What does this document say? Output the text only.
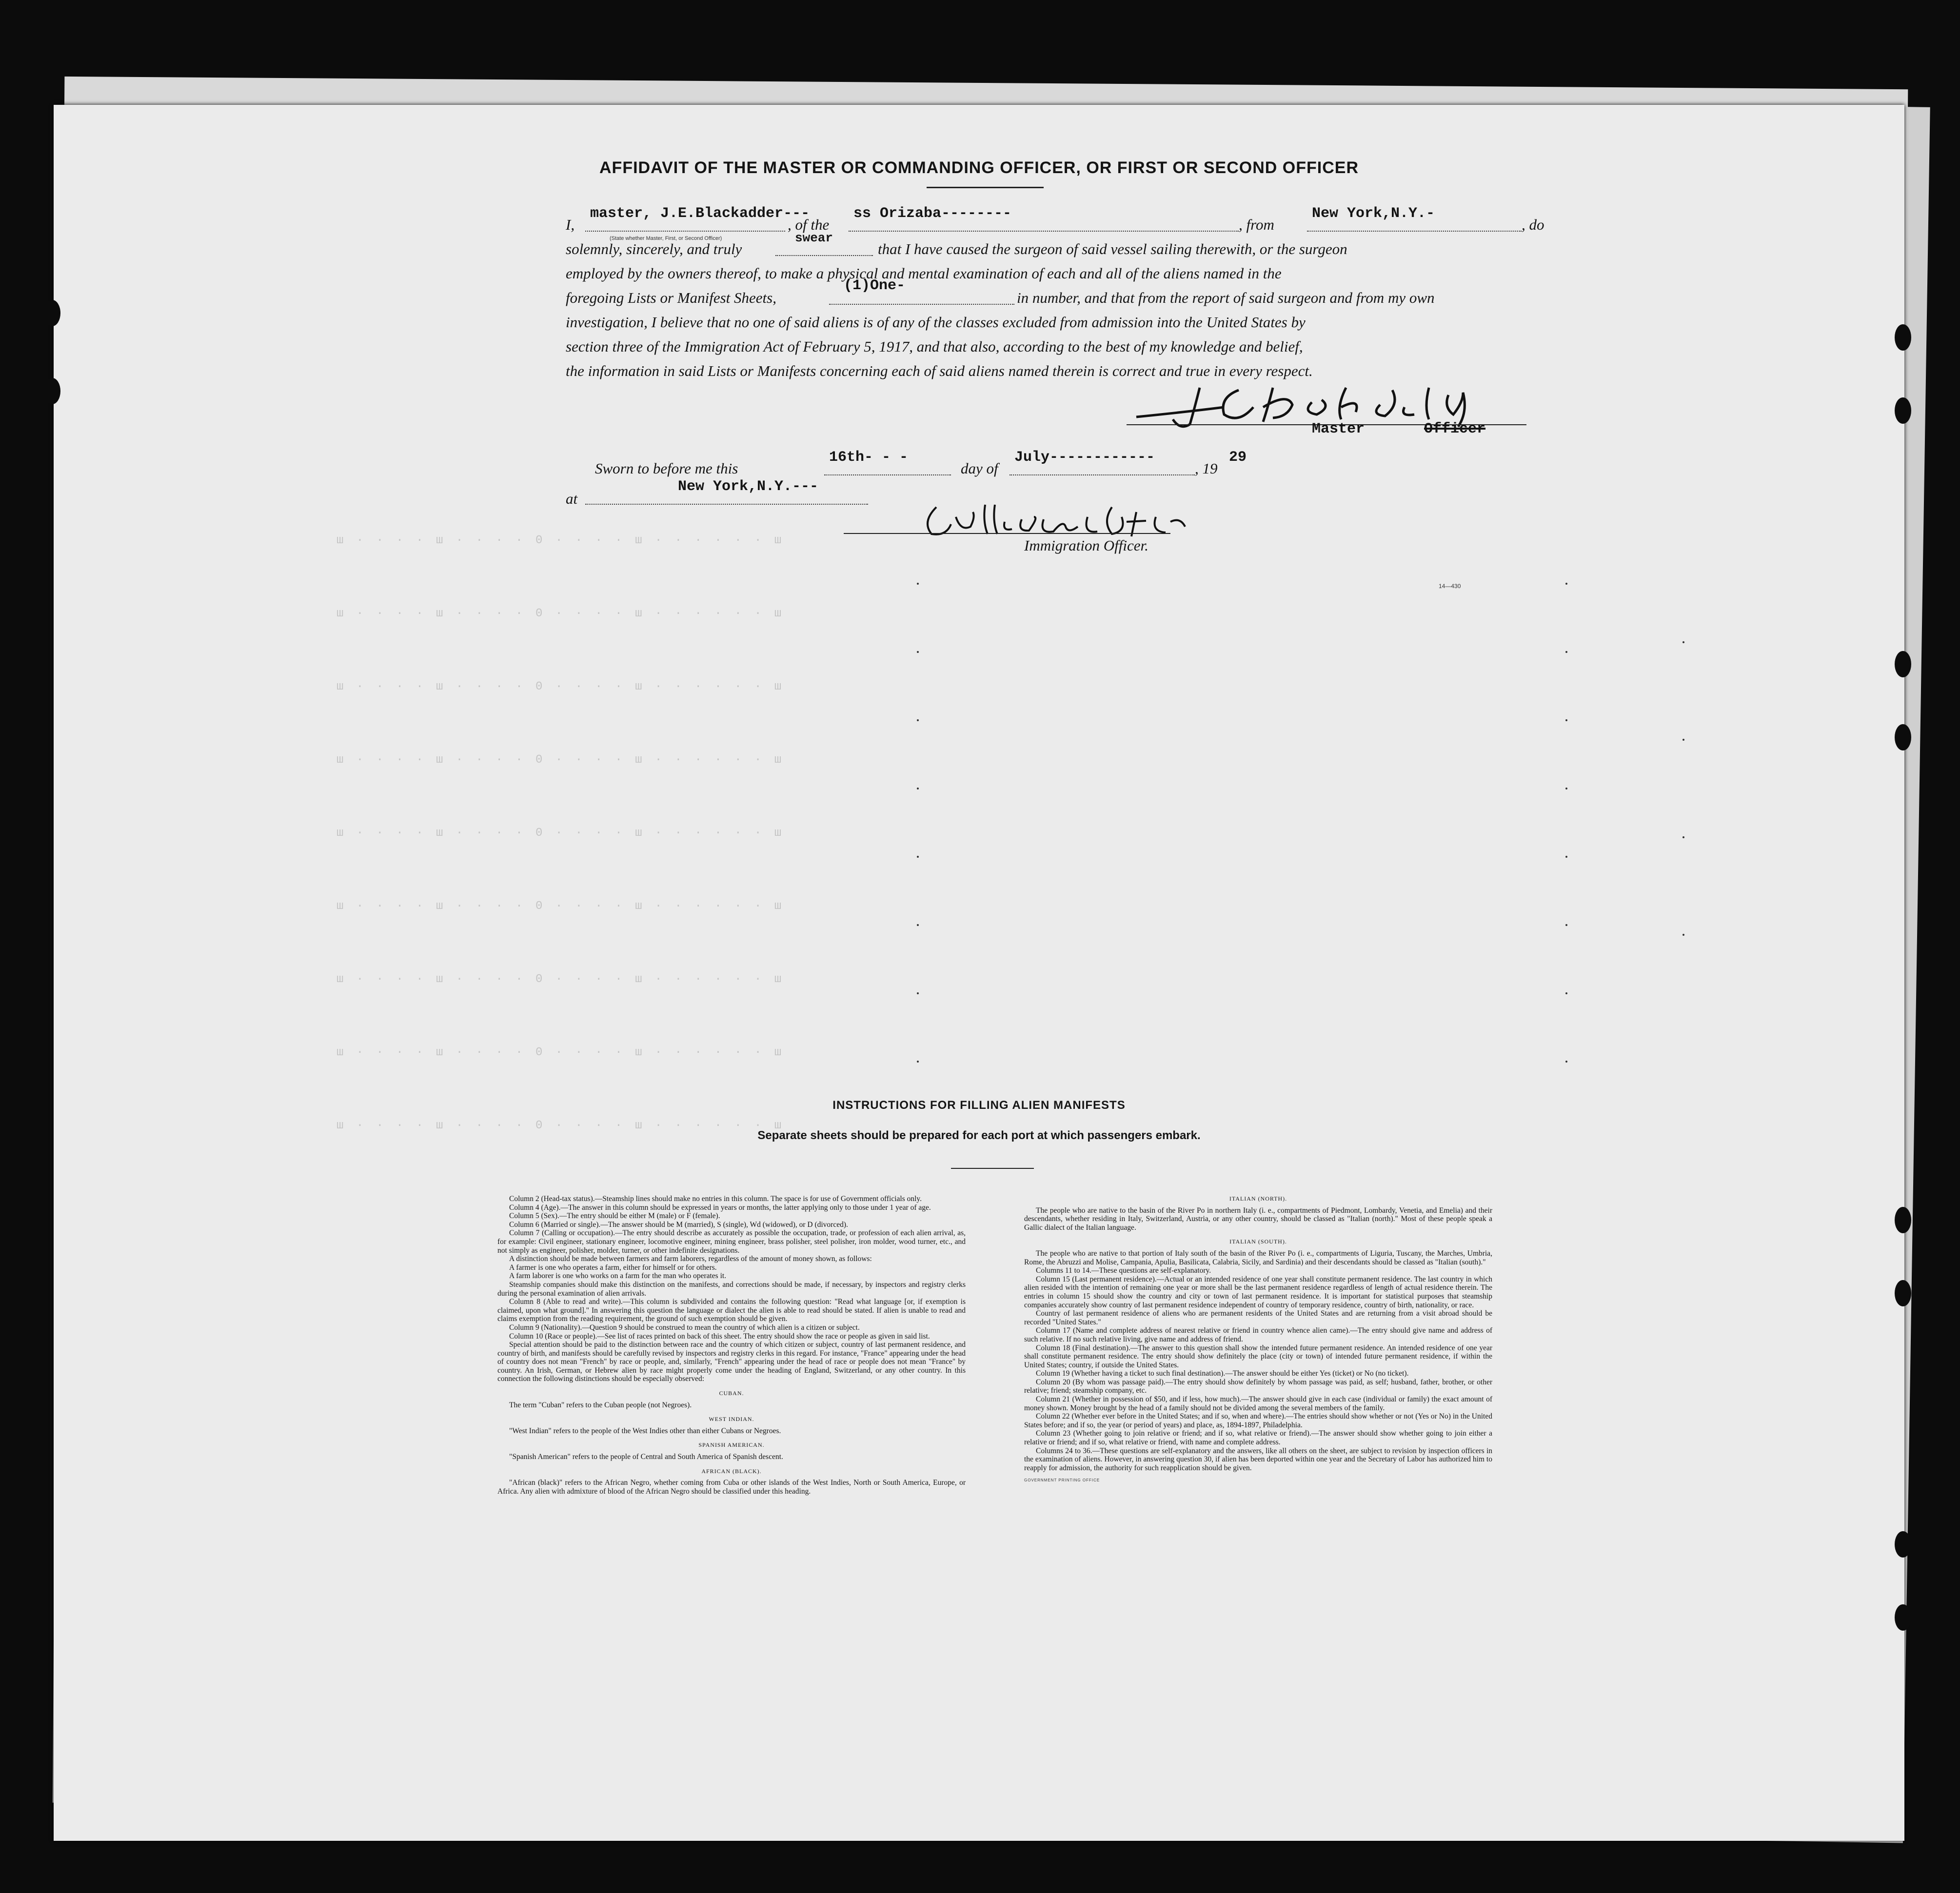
ш · · · · ш · · · · 0 · · · · ш · · · · · · ш
ш · · · · ш · · · · 0 · · · · ш · · · · · · ш
ш · · · · ш · · · · 0 · · · · ш · · · · · · ш
ш · · · · ш · · · · 0 · · · · ш · · · · · · ш
ш · · · · ш · · · · 0 · · · · ш · · · · · · ш
ш · · · · ш · · · · 0 · · · · ш · · · · · · ш
ш · · · · ш · · · · 0 · · · · ш · · · · · · ш
ш · · · · ш · · · · 0 · · · · ш · · · · · · ш
ш · · · · ш · · · · 0 · · · · ш · · · · · · ш
AFFIDAVIT OF THE MASTER OR COMMANDING OFFICER, OR FIRST OR SECOND OFFICER
I,
master, J.E.Blackadder---
(State whether Master, First, or Second Officer)
, of the
ss Orizaba--------
, from
New York,N.Y.-
, do
solemnly, sincerely, and truly
swear
that I have caused the surgeon of said vessel sailing therewith, or the surgeon
employed by the owners thereof, to make a physical and mental examination of each and all of the aliens named in the
foregoing Lists or Manifest Sheets,
(1)One-
in number, and that from the report of said surgeon and from my own
investigation, I believe that no one of said aliens is of any of the classes excluded from admission into the United States by
section three of the Immigration Act of February 5, 1917, and that also, according to the best of my knowledge and belief,
the information in said Lists or Manifests concerning each of said aliens named therein is correct and true in every respect.
Master	Officer
Sworn to before me this
16th- - -
day of
July------------
, 19
29
at
New York,N.Y.---
Immigration Officer.
14—430
INSTRUCTIONS FOR FILLING ALIEN MANIFESTS
Separate sheets should be prepared for each port at which passengers embark.

Column 2 (Head-tax status).—Steamship lines should make no entries in this column. The space is for use of Government officials only.

Column 4 (Age).—The answer in this column should be expressed in years or months, the latter applying only to those under 1 year of age.

Column 5 (Sex).—The entry should be either M (male) or F (female).

Column 6 (Married or single).—The answer should be M (married), S (single), Wd (widowed), or D (divorced).

Column 7 (Calling or occupation).—The entry should describe as accurately as possible the occupation, trade, or profession of each alien arrival, as, for example: Civil engineer, stationary engineer, locomotive engineer, mining engineer, brass polisher, steel polisher, iron molder, wood turner, etc., and not simply as engineer, polisher, molder, turner, or other indefinite designations.

A distinction should be made between farmers and farm laborers, regardless of the amount of money shown, as follows:

A farmer is one who operates a farm, either for himself or for others.

A farm laborer is one who works on a farm for the man who operates it.

Steamship companies should make this distinction on the manifests, and corrections should be made, if necessary, by inspectors and registry clerks during the personal examination of alien arrivals.

Column 8 (Able to read and write).—This column is subdivided and contains the following question: "Read what language [or, if exemption is claimed, upon what ground]." In answering this question the language or dialect the alien is able to read should be stated. If alien is unable to read and claims exemption from the reading requirement, the ground of such exemption should be given.

Column 9 (Nationality).—Question 9 should be construed to mean the country of which alien is a citizen or subject.

Column 10 (Race or people).—See list of races printed on back of this sheet. The entry should show the race or people as given in said list.

Special attention should be paid to the distinction between race and the country of which citizen or subject, country of last permanent residence, and country of birth, and manifests should be carefully revised by inspectors and registry clerks in this regard. For instance, "France" appearing under the head of country does not mean "French" by race or people, and, similarly, "French" appearing under the head of race or people does not mean "France" by country. An Irish, German, or Hebrew alien by race might properly come under the heading of England, Switzerland, or any other country. In this connection the following distinctions should be especially observed:

CUBAN.

The term "Cuban" refers to the Cuban people (not Negroes).

WEST INDIAN.

"West Indian" refers to the people of the West Indies other than either Cubans or Negroes.

SPANISH AMERICAN.

"Spanish American" refers to the people of Central and South America of Spanish descent.

AFRICAN (BLACK).

"African (black)" refers to the African Negro, whether coming from Cuba or other islands of the West Indies, North or South America, Europe, or Africa. Any alien with admixture of blood of the African Negro should be classified under this heading.

ITALIAN (NORTH).

The people who are native to the basin of the River Po in northern Italy (i. e., compartments of Piedmont, Lombardy, Venetia, and Emelia) and their descendants, whether residing in Italy, Switzerland, Austria, or any other country, should be classed as "Italian (north)." Most of these people speak a Gallic dialect of the Italian language.

ITALIAN (SOUTH).

The people who are native to that portion of Italy south of the basin of the River Po (i. e., compartments of Liguria, Tuscany, the Marches, Umbria, Rome, the Abruzzi and Molise, Campania, Apulia, Basilicata, Calabria, Sicily, and Sardinia) and their descendants should be classed as "Italian (south)."

Columns 11 to 14.—These questions are self-explanatory.

Column 15 (Last permanent residence).—Actual or an intended residence of one year shall constitute permanent residence. The last country in which alien resided with the intention of remaining one year or more shall be the last permanent residence regardless of length of actual residence therein. The entries in column 15 should show the country and city or town of last permanent residence. It is important for statistical purposes that steamship companies accurately show country of last permanent residence independent of country of temporary residence, country of birth, nationality, or race.

Country of last permanent residence of aliens who are permanent residents of the United States and are returning from a visit abroad should be recorded "United States."

Column 17 (Name and complete address of nearest relative or friend in country whence alien came).—The entry should give name and address of such relative. If no such relative living, give name and address of friend.

Column 18 (Final destination).—The answer to this question shall show the intended future permanent residence. An intended residence of one year shall constitute permanent residence. The entry should show definitely the place (city or town) of intended future permanent residence, if within the United States; country, if outside the United States.

Column 19 (Whether having a ticket to such final destination).—The answer should be either Yes (ticket) or No (no ticket).

Column 20 (By whom was passage paid).—The entry should show definitely by whom passage was paid, as self; husband, father, brother, or other relative; friend; steamship company, etc.

Column 21 (Whether in possession of $50, and if less, how much).—The answer should give in each case (individual or family) the exact amount of money shown. Money brought by the head of a family should not be divided among the several members of the family.

Column 22 (Whether ever before in the United States; and if so, when and where).—The entries should show whether or not (Yes or No) in the United States before; and if so, the year (or period of years) and place, as, 1894-1897, Philadelphia.

Column 23 (Whether going to join relative or friend; and if so, what relative or friend).—The answer should show whether going to join either a relative or friend; and if so, what relative or friend, with name and complete address.

Columns 24 to 36.—These questions are self-explanatory and the answers, like all others on the sheet, are subject to revision by inspection officers in the examination of aliens. However, in answering question 30, if alien has been deported within one year and the Secretary of Labor has authorized him to reapply for admission, the authority for such reapplication should be given.

GOVERNMENT PRINTING OFFICE
